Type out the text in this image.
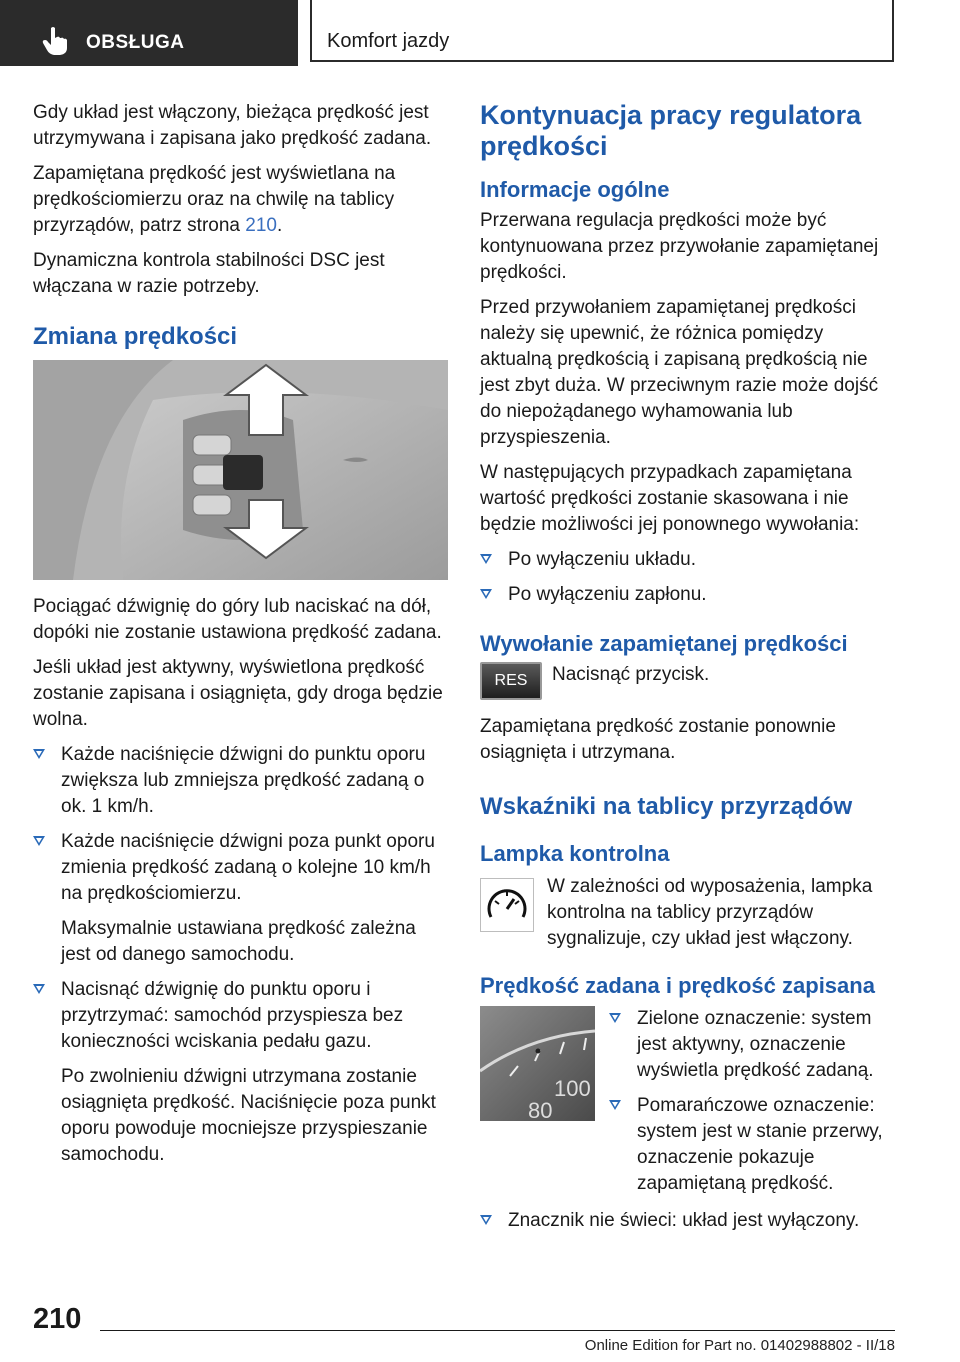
OBSŁUGA	Komfort jazdy

Gdy układ jest włączony, bieżąca prędkość jest utrzymywana i zapisana jako prędkość zadana.

Zapamiętana prędkość jest wyświetlana na prędkościomierzu oraz na chwilę na tablicy przyrządów, patrz strona 210.

Dynamiczna kontrola stabilności DSC jest włączana w razie potrzeby.

Zmiana prędkości

Pociągać dźwignię do góry lub naciskać na dół, dopóki nie zostanie ustawiona prędkość zadana.

Jeśli układ jest aktywny, wyświetlona prędkość zostanie zapisana i osiągnięta, gdy droga będzie wolna.

Każde naciśnięcie dźwigni do punktu oporu zwiększa lub zmniejsza prędkość zadaną o ok. 1 km/h.
Każde naciśnięcie dźwigni poza punkt oporu zmienia prędkość zadaną o kolejne 10 km/h na prędkościomierzu.

Maksymalnie ustawiana prędkość zależna jest od danego samochodu.

Nacisnąć dźwignię do punktu oporu i przytrzymać: samochód przyspiesza bez konieczności wciskania pedału gazu.

Po zwolnieniu dźwigni utrzymana zostanie osiągnięta prędkość. Naciśnięcie poza punkt oporu powoduje mocniejsze przyspieszanie samochodu.

Kontynuacja pracy regulatora prędkości
Informacje ogólne

Przerwana regulacja prędkości może być kontynuowana przez przywołanie zapamiętanej prędkości.

Przed przywołaniem zapamiętanej prędkości należy się upewnić, że różnica pomiędzy aktualną prędkością i zapisaną prędkością nie jest zbyt duża. W przeciwnym razie może dojść do niepożądanego wyhamowania lub przyspieszenia.

W następujących przypadkach zapamiętana wartość prędkości zostanie skasowana i nie będzie możliwości jej ponownego wywołania:

Po wyłączeniu układu.
Po wyłączeniu zapłonu.
Wywołanie zapamiętanej prędkości
RES	Nacisnąć przycisk.

Zapamiętana prędkość zostanie ponownie osiągnięta i utrzymana.

Wskaźniki na tablicy przyrządów
Lampka kontrolna
W zależności od wyposażenia, lampka kontrolna na tablicy przyrządów sygnalizuje, czy układ jest włączony.
Prędkość zadana i prędkość zapisana
100
80
Zielone oznaczenie: system jest aktywny, oznaczenie wyświetla prędkość zadaną.
Pomarańczowe oznaczenie: system jest w stanie przerwy, oznaczenie pokazuje zapamiętaną prędkość.
Znacznik nie świeci: układ jest wyłączony.
210
Online Edition for Part no. 01402988802 - II/18
